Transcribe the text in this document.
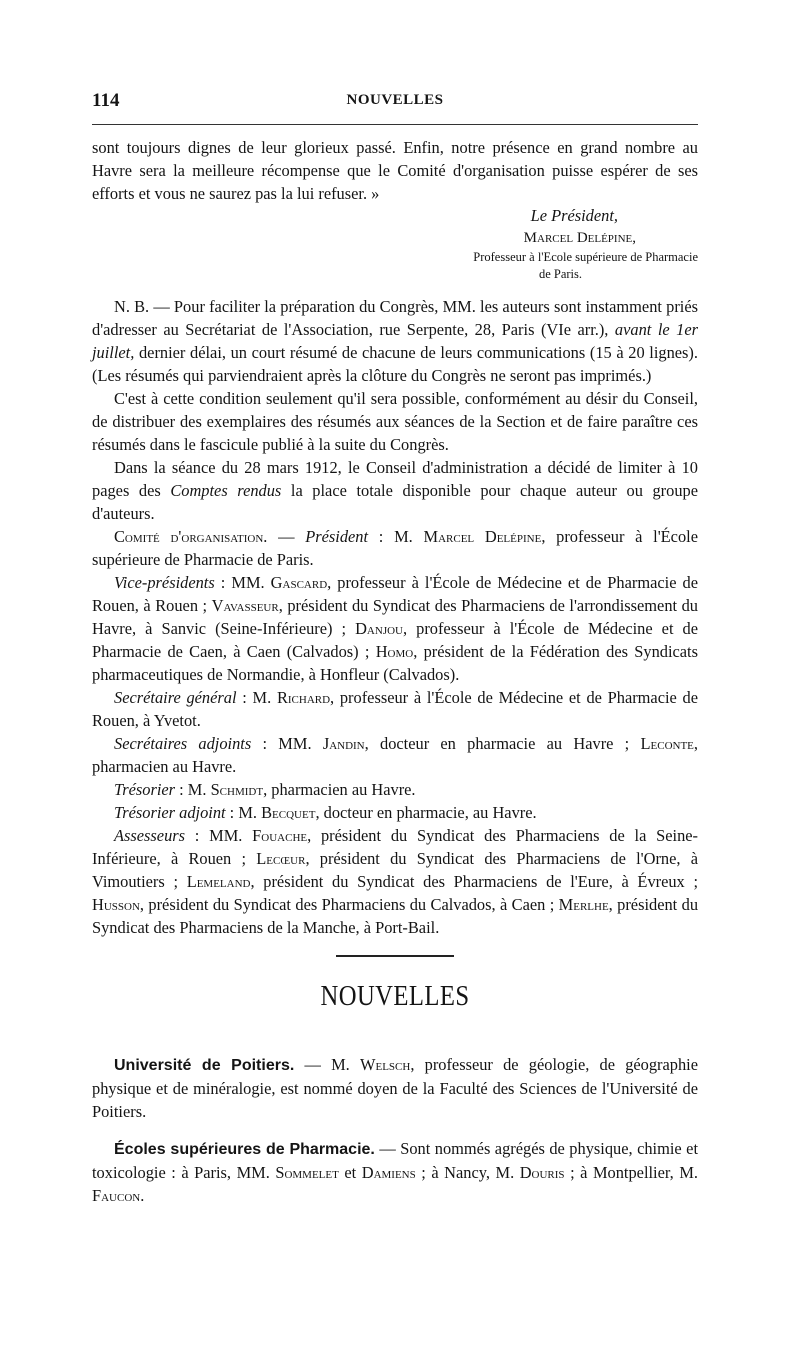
114	NOUVELLES

sont toujours dignes de leur glorieux passé. Enfin, notre présence en grand nombre au Havre sera la meilleure récompense que le Comité d'organisation puisse espérer de ses efforts et vous ne saurez pas la lui refuser. »

Le Président,
Marcel Delépine,
Professeur à l'Ecole supérieure de Pharmacie
de Paris.

N. B. — Pour faciliter la préparation du Congrès, MM. les auteurs sont instamment priés d'adresser au Secrétariat de l'Association, rue Serpente, 28, Paris (VIe arr.), avant le 1er juillet, dernier délai, un court résumé de chacune de leurs communications (15 à 20 lignes). (Les résumés qui parviendraient après la clôture du Congrès ne seront pas imprimés.)

C'est à cette condition seulement qu'il sera possible, conformément au désir du Conseil, de distribuer des exemplaires des résumés aux séances de la Section et de faire paraître ces résumés dans le fascicule publié à la suite du Congrès.

Dans la séance du 28 mars 1912, le Conseil d'administration a décidé de limiter à 10 pages des Comptes rendus la place totale disponible pour chaque auteur ou groupe d'auteurs.

Comité d'organisation. — Président : M. Marcel Delépine, professeur à l'École supérieure de Pharmacie de Paris.

Vice-présidents : MM. Gascard, professeur à l'École de Médecine et de Pharmacie de Rouen, à Rouen ; Vavasseur, président du Syndicat des Pharmaciens de l'arrondissement du Havre, à Sanvic (Seine-Inférieure) ; Danjou, professeur à l'École de Médecine et de Pharmacie de Caen, à Caen (Calvados) ; Homo, président de la Fédération des Syndicats pharmaceutiques de Normandie, à Honfleur (Calvados).

Secrétaire général : M. Richard, professeur à l'École de Médecine et de Pharmacie de Rouen, à Yvetot.

Secrétaires adjoints : MM. Jandin, docteur en pharmacie au Havre ; Leconte, pharmacien au Havre.

Trésorier : M. Schmidt, pharmacien au Havre.

Trésorier adjoint : M. Becquet, docteur en pharmacie, au Havre.

Assesseurs : MM. Fouache, président du Syndicat des Pharmaciens de la Seine-Inférieure, à Rouen ; Lecœur, président du Syndicat des Pharmaciens de l'Orne, à Vimoutiers ; Lemeland, président du Syndicat des Pharmaciens de l'Eure, à Évreux ; Husson, président du Syndicat des Pharmaciens du Calvados, à Caen ; Merlhe, président du Syndicat des Pharmaciens de la Manche, à Port-Bail.

NOUVELLES

Université de Poitiers. — M. Welsch, professeur de géologie, de géographie physique et de minéralogie, est nommé doyen de la Faculté des Sciences de l'Université de Poitiers.

Écoles supérieures de Pharmacie. — Sont nommés agrégés de physique, chimie et toxicologie : à Paris, MM. Sommelet et Damiens ; à Nancy, M. Douris ; à Montpellier, M. Faucon.
